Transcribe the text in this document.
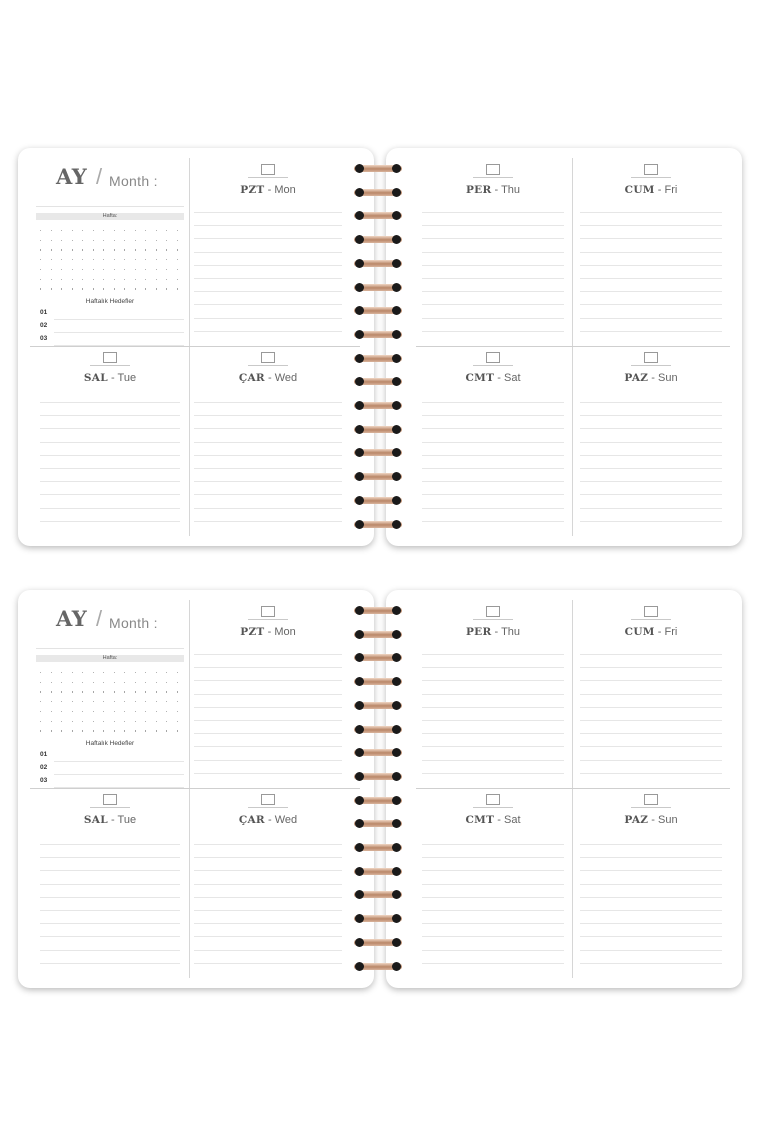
AY / Month :
Hafta:
Haftalık Hedefler
01
02
03
PZT - Mon
SAL - Tue	ÇAR - Wed
PER - Thu	CUM - Fri
CMT - Sat	PAZ - Sun
AY / Month :
Hafta:
Haftalık Hedefler
01
02
03
PZT - Mon
SAL - Tue	ÇAR - Wed
PER - Thu	CUM - Fri
CMT - Sat	PAZ - Sun
